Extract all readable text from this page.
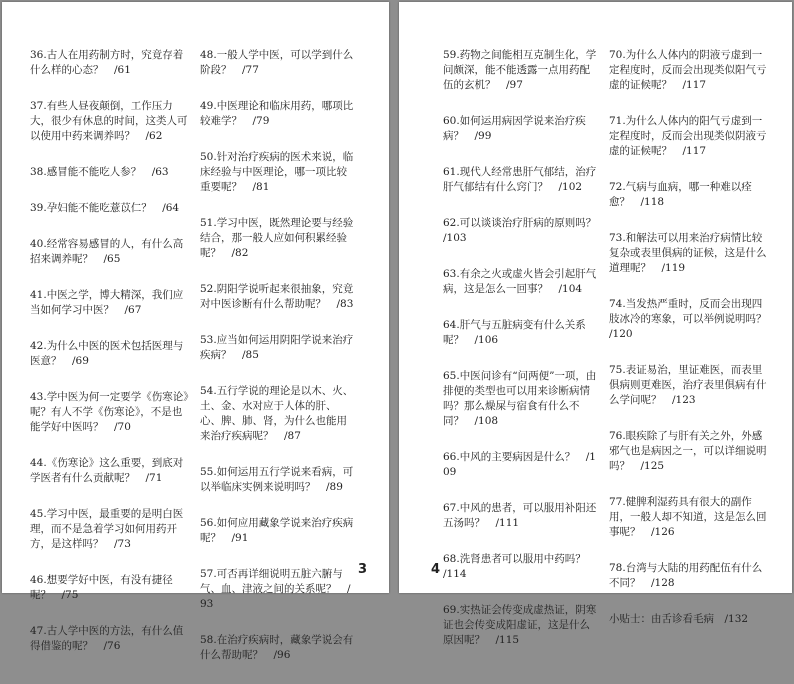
36.古人在用药制方时，究竟存着什么样的心态？　/61
37.有些人昼夜颠倒，工作压力大，很少有休息的时间，这类人可以使用中药来调养吗？　/62
38.感冒能不能吃人参？　/63
39.孕妇能不能吃薏苡仁？　/64
40.经常容易感冒的人，有什么高招来调养呢？　/65
41.中医之学，博大精深，我们应当如何学习中医？　/67
42.为什么中医的医术包括医理与医意？　/69
43.学中医为何一定要学《伤寒论》呢？有人不学《伤寒论》，不是也能学好中医吗？　/70
44.《伤寒论》这么重要，到底对学医者有什么贡献呢？　/71
45.学习中医，最重要的是明白医理，而不是急着学习如何用药开方，是这样吗？　/73
46.想要学好中医，有没有捷径呢？　/75
47.古人学中医的方法，有什么值得借鉴的呢？　/76
48.一般人学中医，可以学到什么阶段？　/77
49.中医理论和临床用药，哪项比较难学？　/79
50.针对治疗疾病的医术来说，临床经验与中医理论，哪一项比较重要呢？　/81
51.学习中医，既然理论要与经验结合，那一般人应如何积累经验呢？　/82
52.阴阳学说听起来很抽象，究竟对中医诊断有什么帮助呢？　/83
53.应当如何运用阴阳学说来治疗疾病？　/85
54.五行学说的理论是以木、火、土、金、水对应于人体的肝、心、脾、肺、肾，为什么也能用来治疗疾病呢？　/87
55.如何运用五行学说来看病，可以举临床实例来说明吗？　/89
56.如何应用藏象学说来治疗疾病呢？　/91
57.可否再详细说明五脏六腑与气、血、津液之间的关系呢？　/93
58.在治疗疾病时，藏象学说会有什么帮助呢？　/96
3
59.药物之间能相互克制生化，学问颇深，能不能透露一点用药配伍的玄机？　/97
60.如何运用病因学说来治疗疾病？　/99
61.现代人经常患肝气郁结，治疗肝气郁结有什么窍门？　/102
62.可以谈谈治疗肝病的原则吗？　/103
63.有余之火或虚火皆会引起肝气病，这是怎么一回事？　/104
64.肝气与五脏病变有什么关系呢？　/106
65.中医问诊有“问两便”一项，由排便的类型也可以用来诊断病情吗？那么燥屎与宿食有什么不同？　/108
66.中风的主要病因是什么？　/109
67.中风的患者，可以服用补阳还五汤吗？　/111
68.洗肾患者可以服用中药吗？　/114
69.实热证会传变成虚热证，阴寒证也会传变成阳虚证，这是什么原因呢？　/115
70.为什么人体内的阴液亏虚到一定程度时，反而会出现类似阳气亏虚的证候呢？　/117
71.为什么人体内的阳气亏虚到一定程度时，反而会出现类似阴液亏虚的证候呢？　/117
72.气病与血病，哪一种难以痊愈？　/118
73.和解法可以用来治疗病情比较复杂或表里俱病的证候，这是什么道理呢？　/119
74.当发热严重时，反而会出现四肢冰冷的寒象，可以举例说明吗？　/120
75.表证易治，里证难医，而表里俱病则更难医，治疗表里俱病有什么学问呢？　/123
76.眼疾除了与肝有关之外，外感邪气也是病因之一，可以详细说明吗？　/125
77.健脾利湿药具有很大的副作用，一般人却不知道，这是怎么回事呢？　/126
78.台湾与大陆的用药配伍有什么不同？　/128
小贴士：由舌诊看毛病　/132
4
